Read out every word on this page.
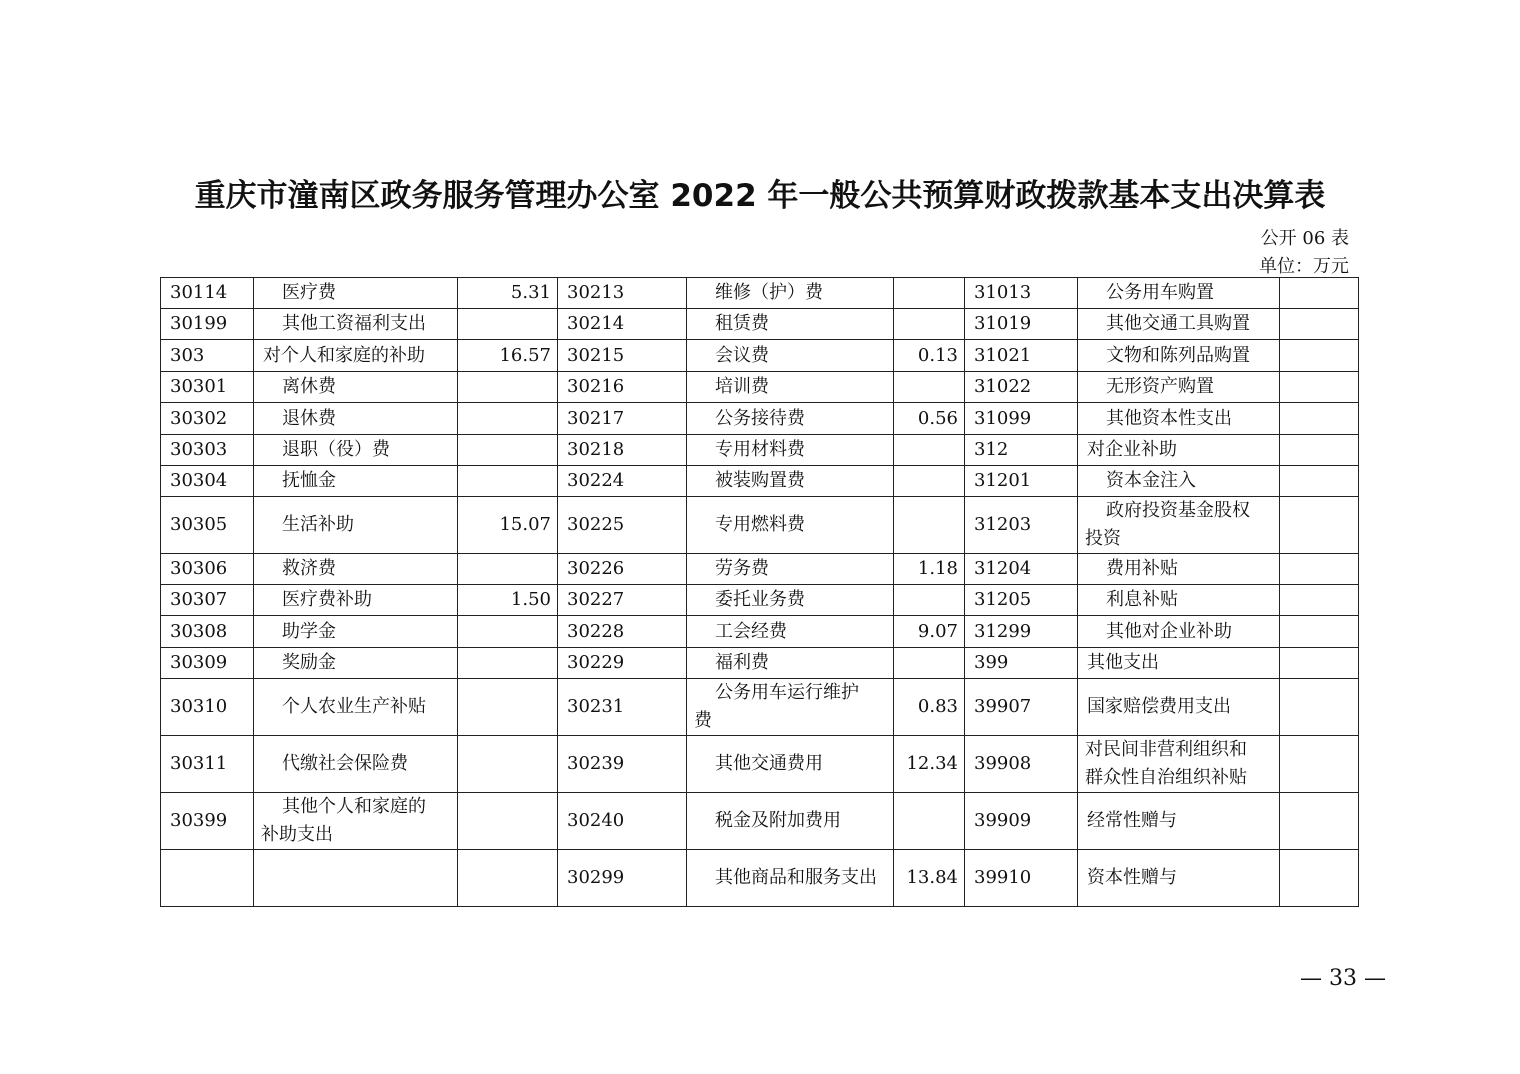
重庆市潼南区政务服务管理办公室 2022 年一般公共预算财政拨款基本支出决算表
公开 06 表
单位：万元
30114	医疗费	5.31	30213	维修（护）费		31013	公务用车购置	
30199	其他工资福利支出		30214	租赁费		31019	其他交通工具购置	
303	对个人和家庭的补助	16.57	30215	会议费	0.13	31021	文物和陈列品购置	
30301	离休费		30216	培训费		31022	无形资产购置	
30302	退休费		30217	公务接待费	0.56	31099	其他资本性支出	
30303	退职（役）费		30218	专用材料费		312	对企业补助	
30304	抚恤金		30224	被装购置费		31201	资本金注入	
30305	生活补助	15.07	30225	专用燃料费		31203	政府投资基金股权投资	

30306	救济费		30226	劳务费	1.18	31204	费用补贴	
30307	医疗费补助	1.50	30227	委托业务费		31205	利息补贴	
30308	助学金		30228	工会经费	9.07	31299	其他对企业补助	
30309	奖励金		30229	福利费		399	其他支出	
30310	个人农业生产补贴		30231	公务用车运行维护费	0.83	39907	国家赔偿费用支出	
30311	代缴社会保险费		30239	其他交通费用	12.34	39908	对民间非营利组织和群众性自治组织补贴	

30399	其他个人和家庭的补助支出		30240	税金及附加费用		39909	经常性赠与	
			30299	其他商品和服务支出	13.84	39910	资本性赠与	
— 33 —
